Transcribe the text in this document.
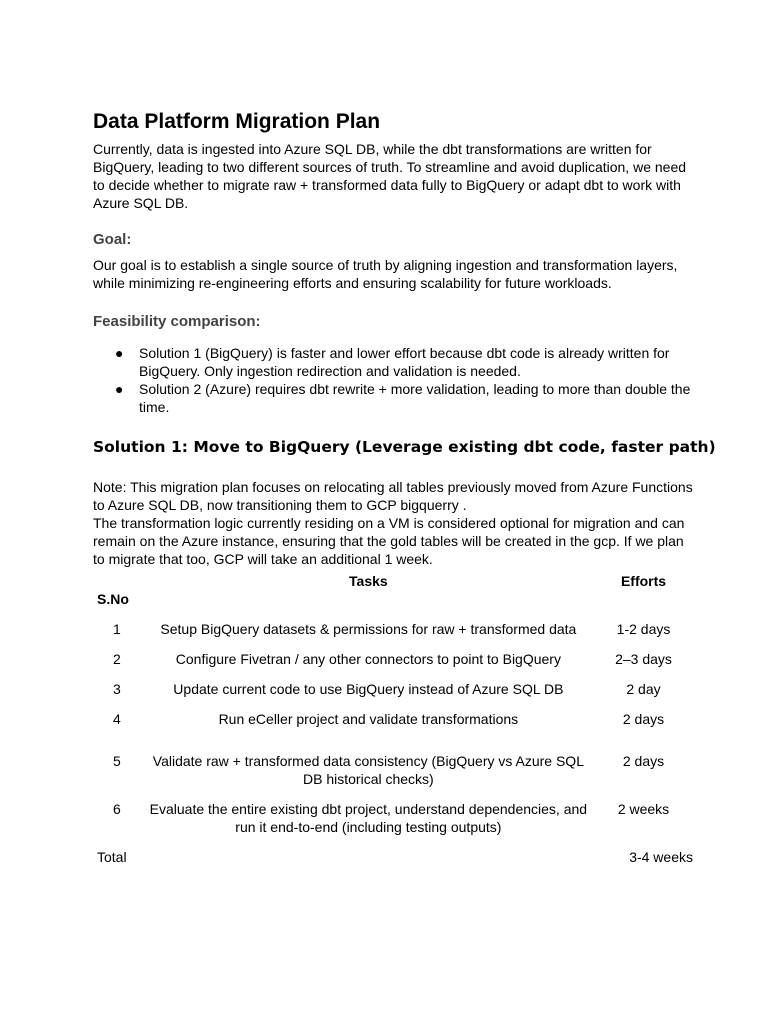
Data Platform Migration Plan

Currently, data is ingested into Azure SQL DB, while the dbt transformations are written for BigQuery, leading to two different sources of truth. To streamline and avoid duplication, we need to decide whether to migrate raw + transformed data fully to BigQuery or adapt dbt to work with Azure SQL DB.

Goal:

Our goal is to establish a single source of truth by aligning ingestion and transformation layers, while minimizing re-engineering efforts and ensuring scalability for future workloads.

Feasibility comparison:
● Solution 1 (BigQuery) is faster and lower effort because dbt code is already written for BigQuery. Only ingestion redirection and validation is needed.
● Solution 2 (Azure) requires dbt rewrite + more validation, leading to more than double the time.
Solution 1: Move to BigQuery (Leverage existing dbt code, faster path)

Note: This migration plan focuses on relocating all tables previously moved from Azure Functions to Azure SQL DB, now transitioning them to GCP bigquerry .

The transformation logic currently residing on a VM is considered optional for migration and can remain on the Azure instance, ensuring that the gold tables will be created in the gcp. If we plan to migrate that too, GCP will take an additional 1 week.

	Tasks	Efforts
S.No		
1	Setup BigQuery datasets & permissions for raw + transformed data	1-2 days
2	Configure Fivetran / any other connectors to point to BigQuery	2–3 days
3	Update current code to use BigQuery instead of Azure SQL DB	2 day
4	Run eCeller project and validate transformations	2 days
5	Validate raw + transformed data consistency (BigQuery vs Azure SQL DB historical checks)	2 days
6	Evaluate the entire existing dbt project, understand dependencies, and run it end-to-end (including testing outputs)	2 weeks
Total		3-4 weeks
